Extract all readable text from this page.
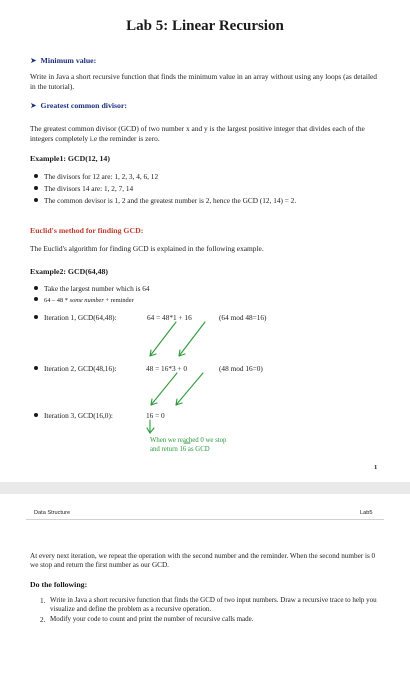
Lab 5: Linear Recursion
➤ Minimum value:
Write in Java a short recursive function that finds the minimum value in an array without using any loops (as detailed in the tutorial).
➤ Greatest common divisor:
The greatest common divisor (GCD) of two number x and y is the largest positive integer that divides each of the integers completely i.e the reminder is zero.
Example1: GCD(12, 14)
The divisors for 12 are: 1, 2, 3, 4, 6, 12
The divisors 14 are: 1, 2, 7, 14
The common devisor is 1, 2 and the greatest number is 2, hence the GCD (12, 14) = 2.
Euclid's method for finding GCD:
The Euclid's algorithm for finding GCD is explained in the following example.
Example2: GCD(64,48)
Take the largest number which is 64
64 – 48 * some number + reminder
Iteration 1, GCD(64,48):	64 = 48*1 + 16	(64 mod 48=16)
Iteration 2, GCD(48,16):	48 = 16*3 + 0	(48 mod 16=0)
Iteration 3, GCD(16,0):	16 = 0
When we reached 0 we stop
and return 16 as GCD
1
Data Structure	Lab5
At every next iteration, we repeat the operation with the second number and the reminder. When the second number is 0 we stop and return the first number as our GCD.
Do the following:
1. Write in Java a short recursive function that finds the GCD of two input numbers. Draw a recursive trace to help you visualize and define the problem as a recursive operation.
2. Modify your code to count and print the number of recursive calls made.
